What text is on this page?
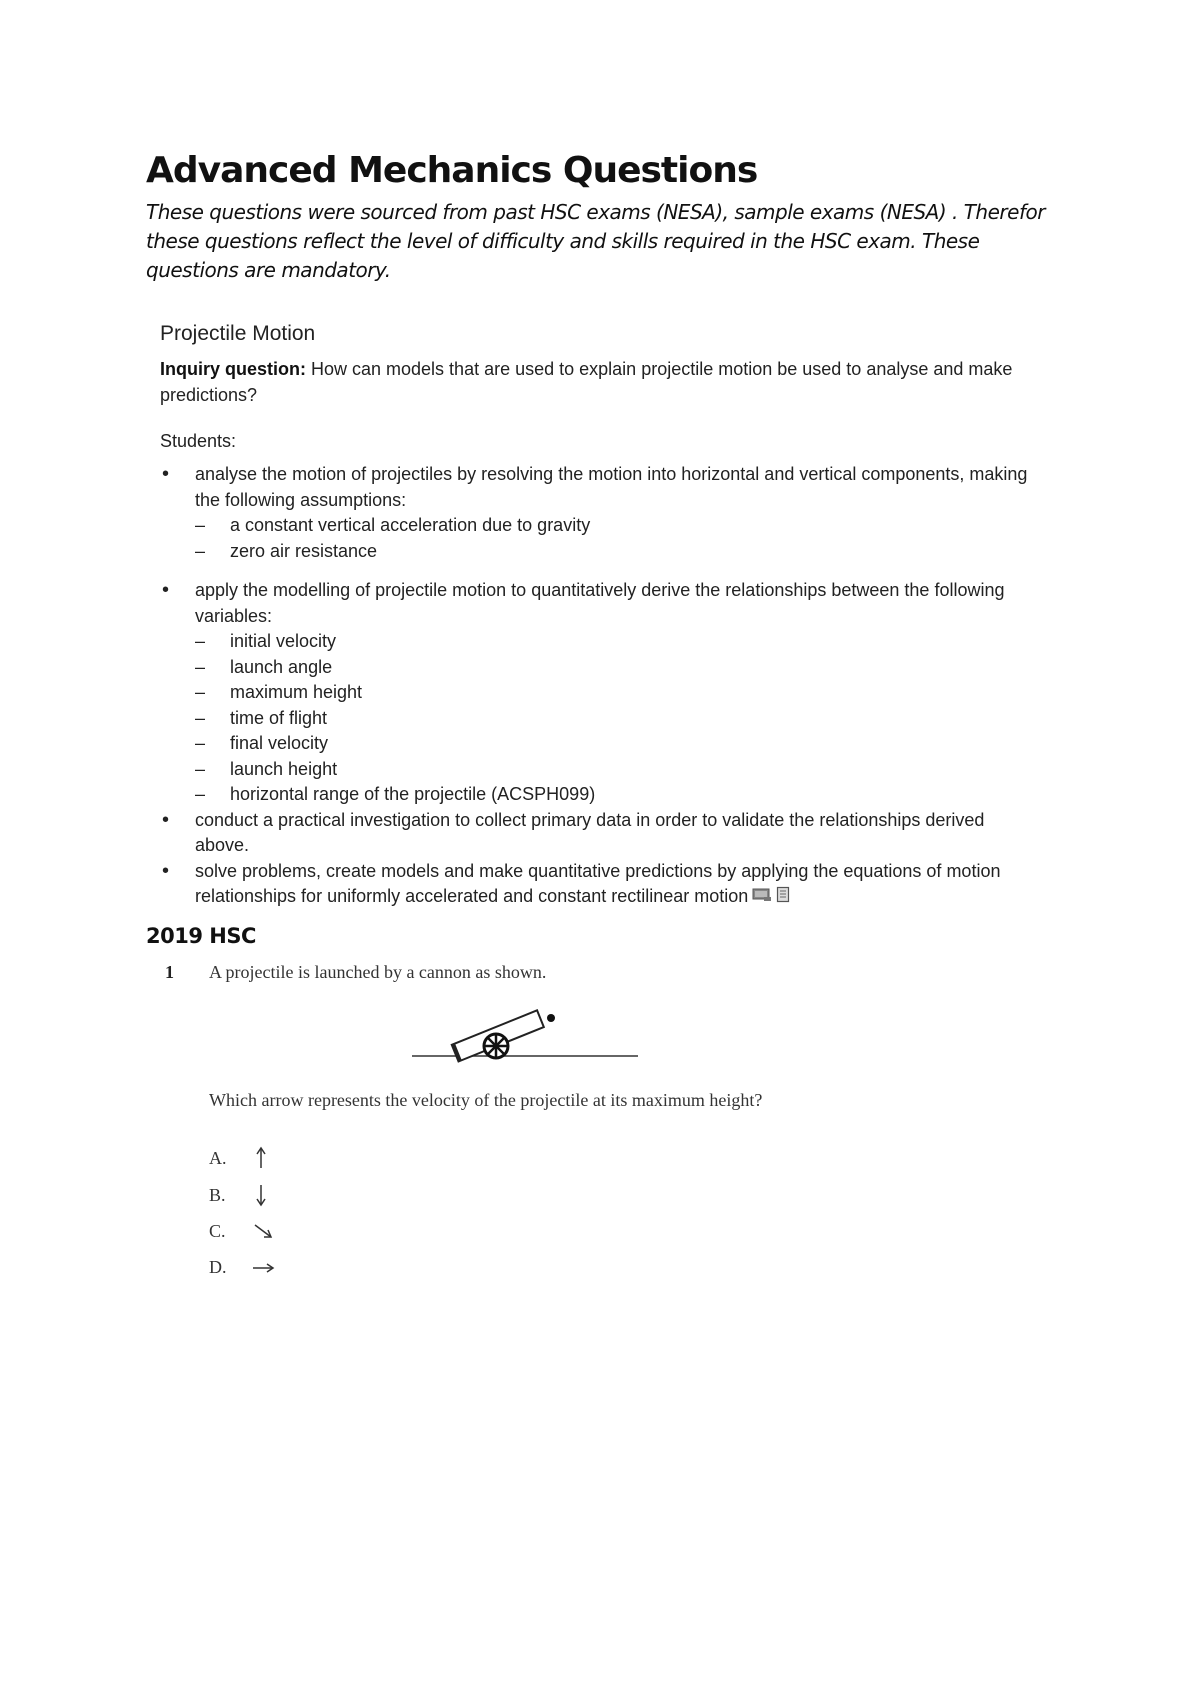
Advanced Mechanics Questions

These questions were sourced from past HSC exams (NESA), sample exams (NESA) . Therefor these questions reflect the level of difficulty and skills required in the HSC exam. These questions are mandatory.

Projectile Motion

Inquiry question: How can models that are used to explain projectile motion be used to analyse and make predictions?

Students:

• analyse the motion of projectiles by resolving the motion into horizontal and vertical components, making the following assumptions:
– a constant vertical acceleration due to gravity
– zero air resistance
• apply the modelling of projectile motion to quantitatively derive the relationships between the following variables:
– initial velocity
– launch angle
– maximum height
– time of flight
– final velocity
– launch height
– horizontal range of the projectile (ACSPH099)
• conduct a practical investigation to collect primary data in order to validate the relationships derived above.
• solve problems, create models and make quantitative predictions by applying the equations of motion relationships for uniformly accelerated and constant rectilinear motion
2019 HSC
1 A projectile is launched by a cannon as shown.
Which arrow represents the velocity of the projectile at its maximum height?
A.
B.
C.
D.
